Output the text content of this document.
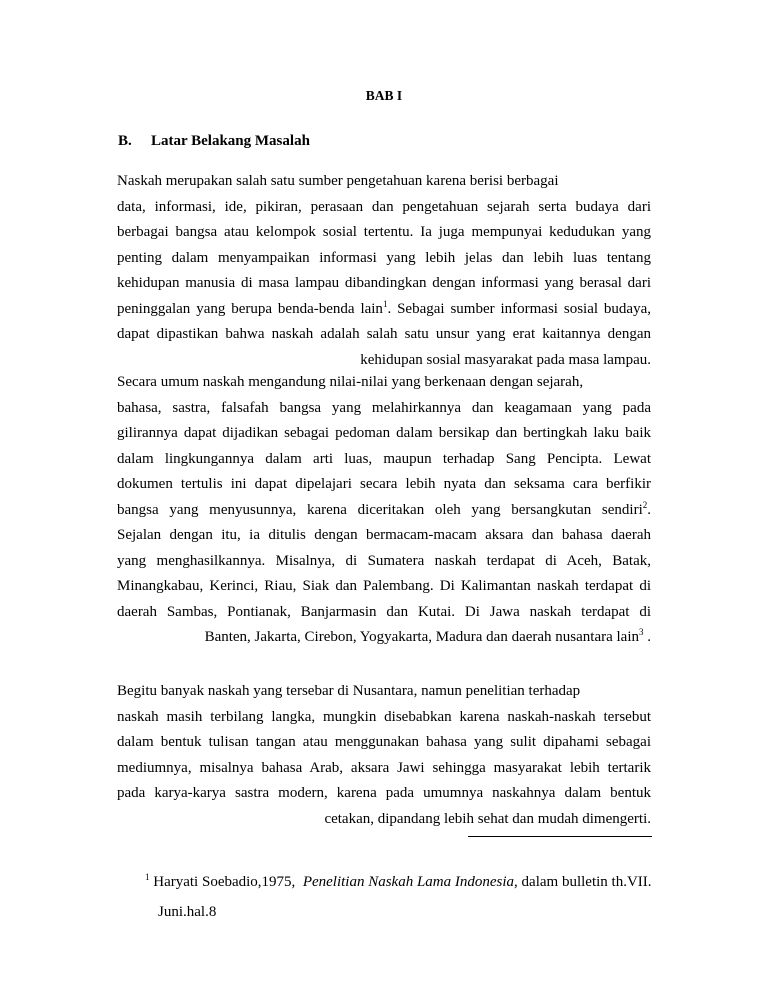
BAB I
B. Latar Belakang Masalah
Naskah merupakan salah satu sumber pengetahuan karena berisi berbagai
data, informasi, ide, pikiran, perasaan dan pengetahuan sejarah serta budaya dari
berbagai bangsa atau kelompok sosial tertentu. Ia juga mempunyai kedudukan yang
penting dalam menyampaikan informasi yang lebih jelas dan lebih luas tentang
kehidupan manusia di masa lampau dibandingkan dengan informasi yang berasal dari
peninggalan yang berupa benda-benda lain$^1$. Sebagai sumber informasi sosial budaya,
dapat dipastikan bahwa naskah adalah salah satu unsur yang erat kaitannya dengan
kehidupan sosial masyarakat pada masa lampau.
Secara umum naskah mengandung nilai-nilai yang berkenaan dengan sejarah,
bahasa, sastra, falsafah bangsa yang melahirkannya dan keagamaan yang pada
gilirannya dapat dijadikan sebagai pedoman dalam bersikap dan bertingkah laku baik
dalam lingkungannya dalam arti luas, maupun terhadap Sang Pencipta. Lewat
dokumen tertulis ini dapat dipelajari secara lebih nyata dan seksama cara berfikir
bangsa yang menyusunnya, karena diceritakan oleh yang bersangkutan sendiri$^2$.
Sejalan dengan itu, ia ditulis dengan bermacam-macam aksara dan bahasa daerah
yang menghasilkannya. Misalnya, di Sumatera naskah terdapat di Aceh, Batak,
Minangkabau, Kerinci, Riau, Siak dan Palembang. Di Kalimantan naskah terdapat di
daerah Sambas, Pontianak, Banjarmasin dan Kutai. Di Jawa naskah terdapat di
Banten, Jakarta, Cirebon, Yogyakarta, Madura dan daerah nusantara lain$^3$ .
Begitu banyak naskah yang tersebar di Nusantara, namun penelitian terhadap
naskah masih terbilang langka, mungkin disebabkan karena naskah-naskah tersebut
dalam bentuk tulisan tangan atau menggunakan bahasa yang sulit dipahami sebagai
mediumnya, misalnya bahasa Arab, aksara Jawi sehingga masyarakat lebih tertarik
pada karya-karya sastra modern, karena pada umumnya naskahnya dalam bentuk
cetakan, dipandang lebih sehat dan mudah dimengerti.
$^1$ Haryati Soebadio,1975, Penelitian Naskah Lama Indonesia, dalam bulletin th.VII.
Juni.hal.8
